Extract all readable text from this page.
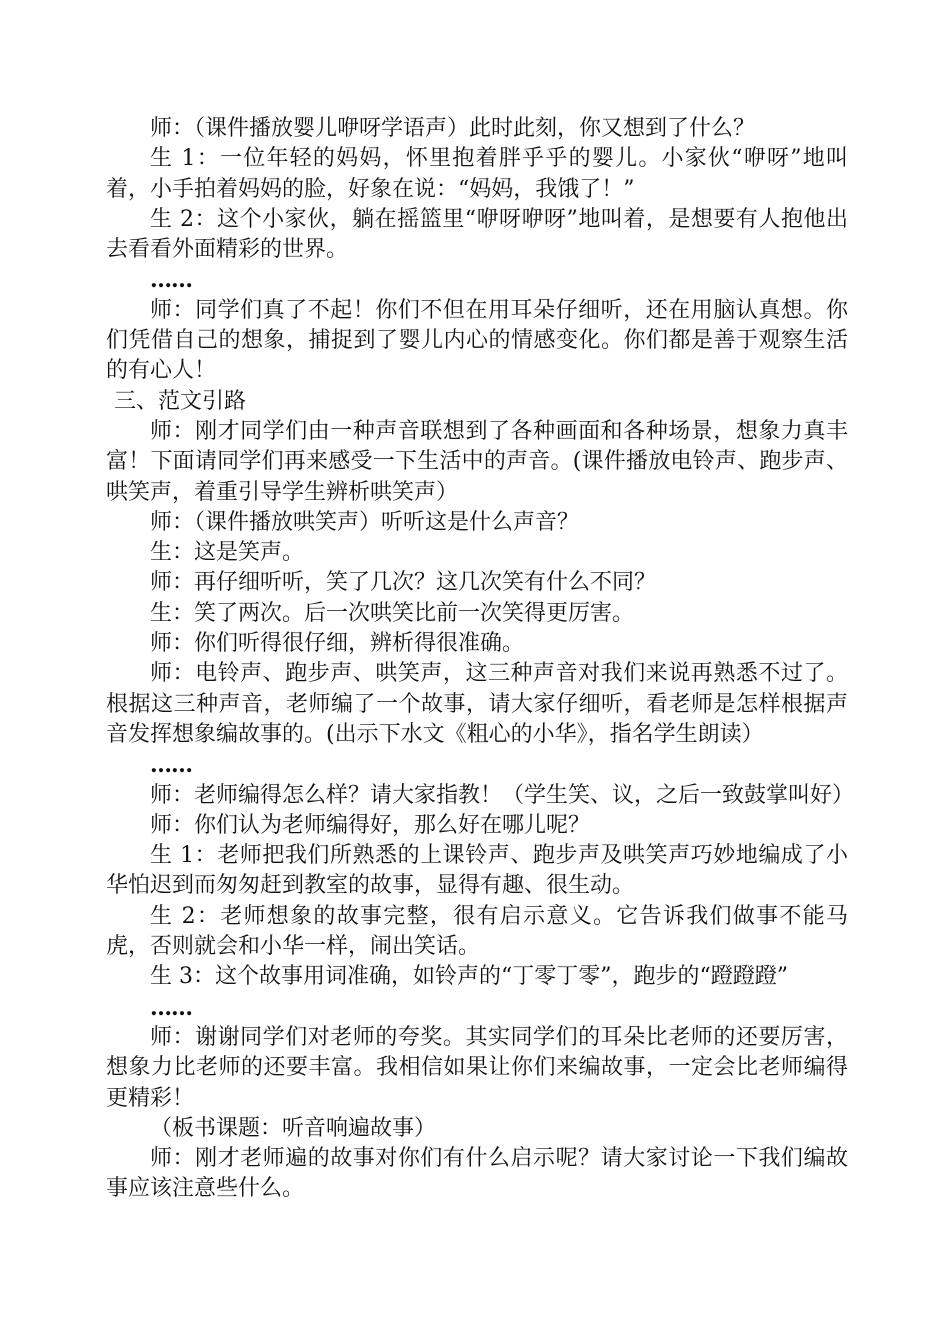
师：（课件播放婴儿咿呀学语声）此时此刻，你又想到了什么？

生 1：一位年轻的妈妈，怀里抱着胖乎乎的婴儿。小家伙“咿呀”地叫着，小手拍着妈妈的脸，好象在说：“妈妈，我饿了！”

生 2：这个小家伙，躺在摇篮里“咿呀咿呀”地叫着，是想要有人抱他出去看看外面精彩的世界。

……

师：同学们真了不起！你们不但在用耳朵仔细听，还在用脑认真想。你们凭借自己的想象，捕捉到了婴儿内心的情感变化。你们都是善于观察生活的有心人！

三、范文引路

师：刚才同学们由一种声音联想到了各种画面和各种场景，想象力真丰富！下面请同学们再来感受一下生活中的声音。(课件播放电铃声、跑步声、哄笑声，着重引导学生辨析哄笑声）

师：（课件播放哄笑声）听听这是什么声音？

生：这是笑声。

师：再仔细听听，笑了几次？这几次笑有什么不同？

生：笑了两次。后一次哄笑比前一次笑得更厉害。

师：你们听得很仔细，辨析得很准确。

师：电铃声、跑步声、哄笑声，这三种声音对我们来说再熟悉不过了。根据这三种声音，老师编了一个故事，请大家仔细听，看老师是怎样根据声音发挥想象编故事的。(出示下水文《粗心的小华》，指名学生朗读）

……

师：老师编得怎么样？请大家指教！（学生笑、议，之后一致鼓掌叫好）

师：你们认为老师编得好，那么好在哪儿呢？

生 1：老师把我们所熟悉的上课铃声、跑步声及哄笑声巧妙地编成了小华怕迟到而匆匆赶到教室的故事，显得有趣、很生动。

生 2：老师想象的故事完整，很有启示意义。它告诉我们做事不能马虎，否则就会和小华一样，闹出笑话。

生 3：这个故事用词准确，如铃声的“丁零丁零”，跑步的“蹬蹬蹬”

……

师：谢谢同学们对老师的夸奖。其实同学们的耳朵比老师的还要厉害，想象力比老师的还要丰富。我相信如果让你们来编故事，一定会比老师编得更精彩！

（板书课题：听音响遍故事）

师：刚才老师遍的故事对你们有什么启示呢？请大家讨论一下我们编故事应该注意些什么。
